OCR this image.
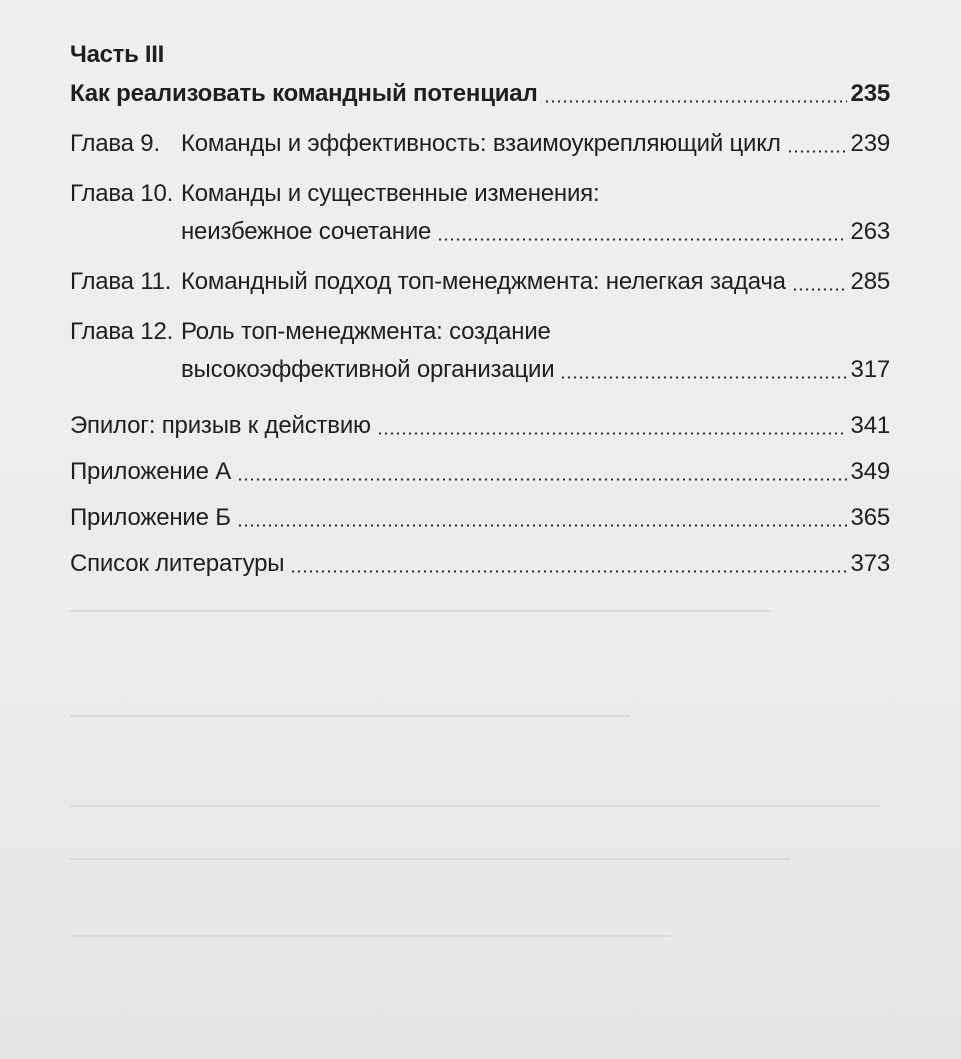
Часть III
Как реализовать командный потенциал	235
Глава 9. Команды и эффективность: взаимоукрепляющий цикл	239
Глава 10. Команды и существенные изменения:
неизбежное сочетание	263
Глава 11. Командный подход топ-менеджмента: нелегкая задача	285
Глава 12. Роль топ-менеджмента: создание
высокоэффективной организации	317
Эпилог: призыв к действию	341
Приложение А	349
Приложение Б	365
Список литературы	373
